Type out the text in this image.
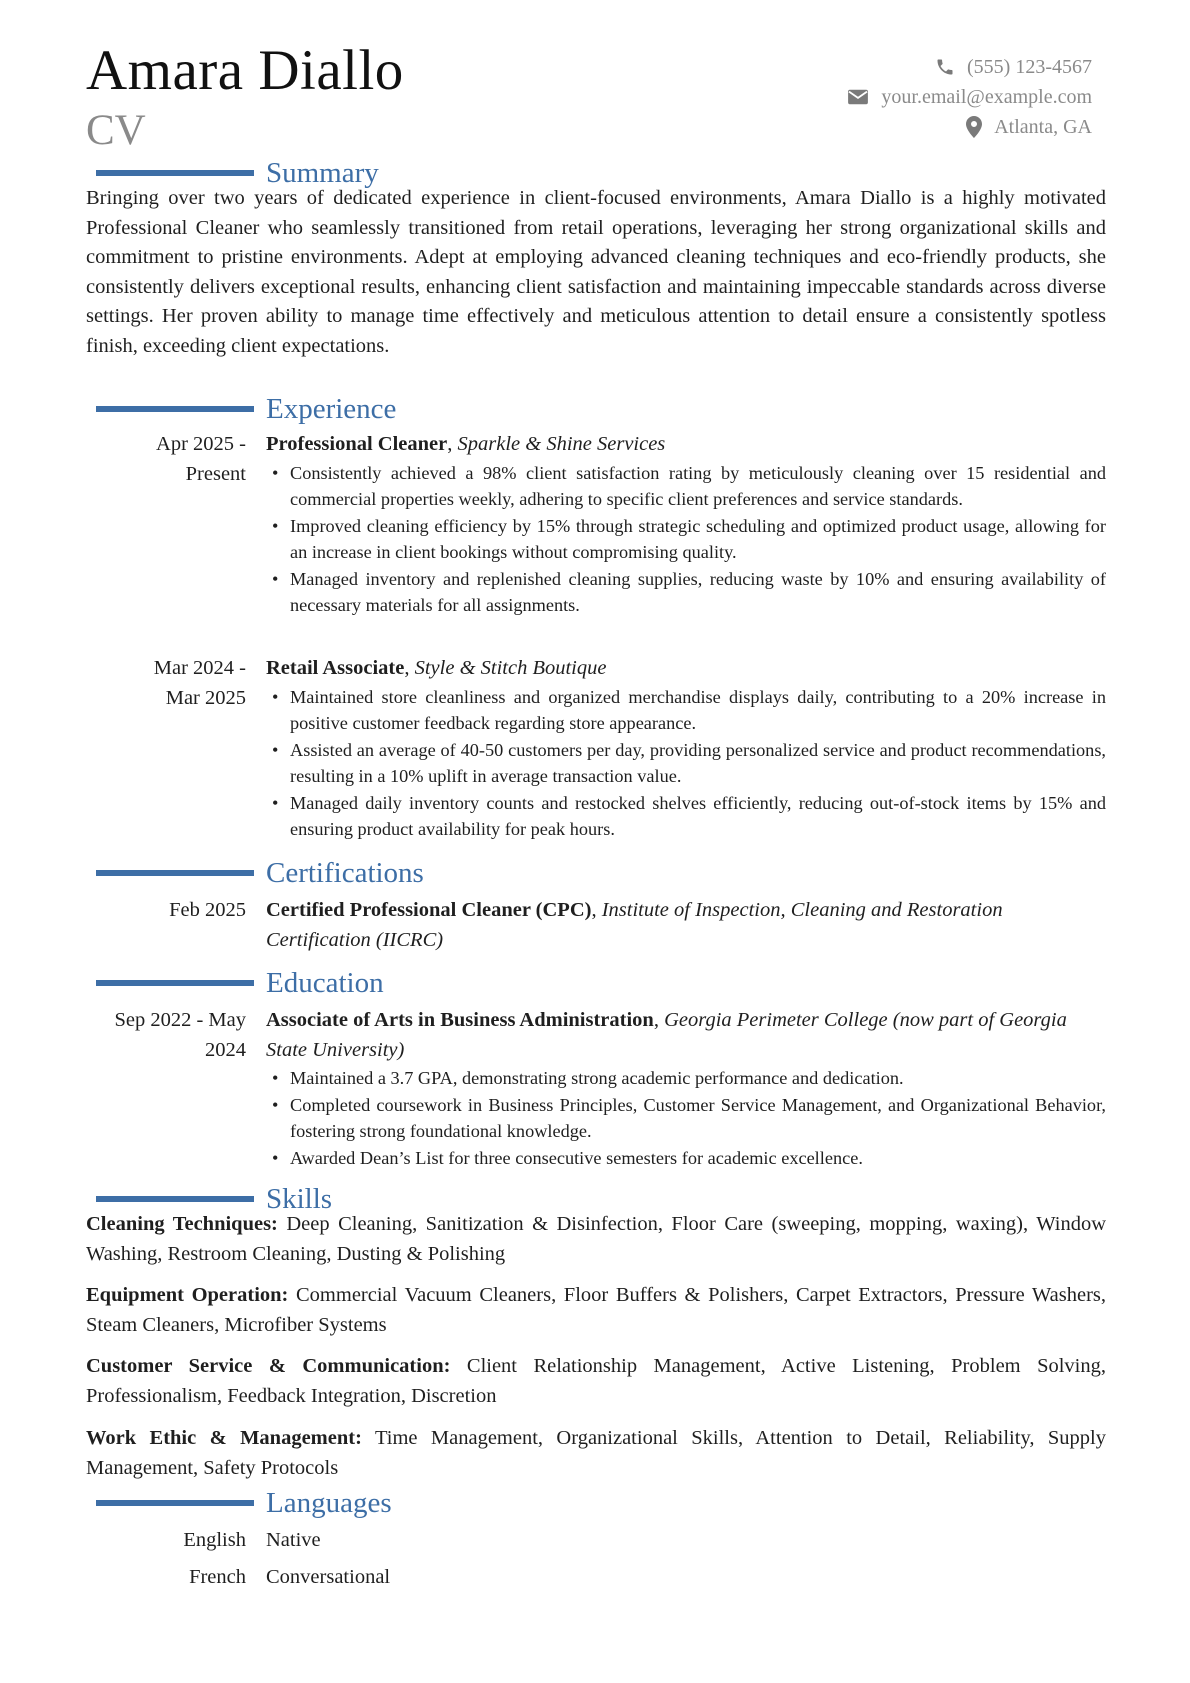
Amara Diallo
CV
(555) 123-4567
your.email@example.com
Atlanta, GA
Summary
Bringing over two years of dedicated experience in client-focused environments, Amara Diallo is a highly motivated Professional Cleaner who seamlessly transitioned from retail operations, leveraging her strong organizational skills and commitment to pristine environments. Adept at employing advanced cleaning techniques and eco-friendly products, she consistently delivers exceptional results, enhancing client satisfaction and maintaining impeccable standards across diverse settings. Her proven ability to manage time effectively and meticulous attention to detail ensure a consistently spotless finish, exceeding client expectations.
Experience
Apr 2025 -
Present
Professional Cleaner, Sparkle & Shine Services
• Consistently achieved a 98% client satisfaction rating by meticulously cleaning over 15 residential and commercial properties weekly, adhering to specific client preferences and service standards.
• Improved cleaning efficiency by 15% through strategic scheduling and optimized product usage, allowing for an increase in client bookings without compromising quality.
• Managed inventory and replenished cleaning supplies, reducing waste by 10% and ensuring availability of necessary materials for all assignments.
Mar 2024 -
Mar 2025
Retail Associate, Style & Stitch Boutique
• Maintained store cleanliness and organized merchandise displays daily, contributing to a 20% increase in positive customer feedback regarding store appearance.
• Assisted an average of 40-50 customers per day, providing personalized service and product recommendations, resulting in a 10% uplift in average transaction value.
• Managed daily inventory counts and restocked shelves efficiently, reducing out-of-stock items by 15% and ensuring product availability for peak hours.
Certifications
Feb 2025 Certified Professional Cleaner (CPC), Institute of Inspection, Cleaning and Restoration Certification (IICRC)
Education
Sep 2022 - May
2024
Associate of Arts in Business Administration, Georgia Perimeter College (now part of Georgia State University)
• Maintained a 3.7 GPA, demonstrating strong academic performance and dedication.
• Completed coursework in Business Principles, Customer Service Management, and Organizational Behavior, fostering strong foundational knowledge.
• Awarded Dean’s List for three consecutive semesters for academic excellence.
Skills
Cleaning Techniques: Deep Cleaning, Sanitization & Disinfection, Floor Care (sweeping, mopping, waxing), Window Washing, Restroom Cleaning, Dusting & Polishing
Equipment Operation: Commercial Vacuum Cleaners, Floor Buffers & Polishers, Carpet Extractors, Pressure Washers, Steam Cleaners, Microfiber Systems
Customer Service & Communication: Client Relationship Management, Active Listening, Problem Solving, Professionalism, Feedback Integration, Discretion
Work Ethic & Management: Time Management, Organizational Skills, Attention to Detail, Reliability, Supply Management, Safety Protocols
Languages
English Native
French Conversational
